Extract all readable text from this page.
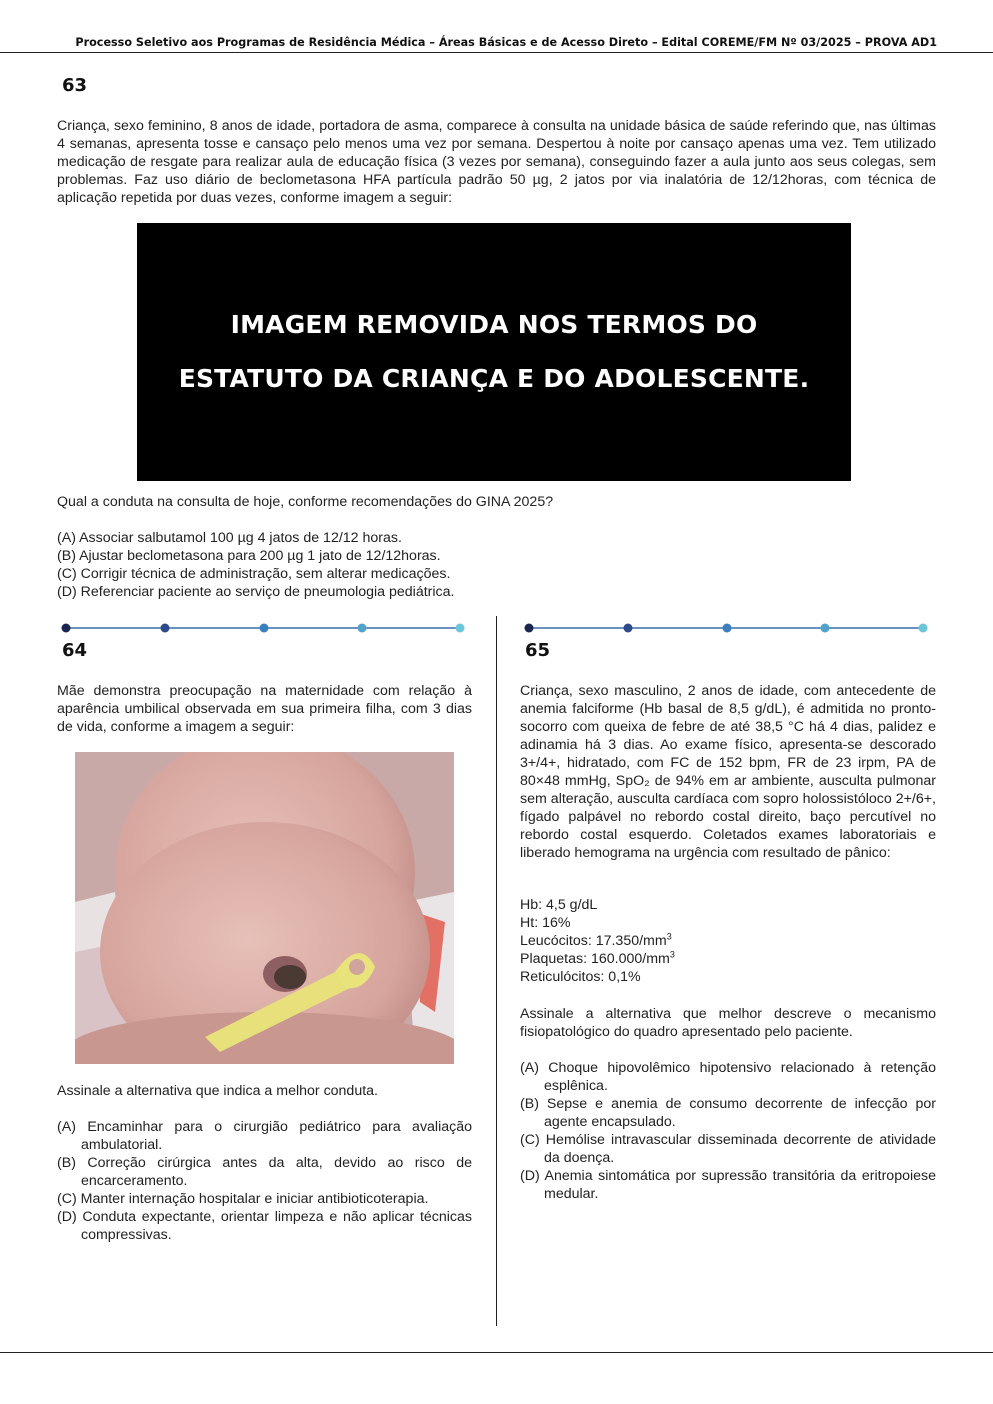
Processo Seletivo aos Programas de Residência Médica – Áreas Básicas e de Acesso Direto – Edital COREME/FM Nº 03/2025 – PROVA AD1
63

Criança, sexo feminino, 8 anos de idade, portadora de asma, comparece à consulta na unidade básica de saúde referindo que, nas últimas 4 semanas, apresenta tosse e cansaço pelo menos uma vez por semana. Despertou à noite por cansaço apenas uma vez. Tem utilizado medicação de resgate para realizar aula de educação física (3 vezes por semana), conseguindo fazer a aula junto aos seus colegas, sem problemas. Faz uso diário de beclometasona HFA partícula padrão 50 µg, 2 jatos por via inalatória de 12/12horas, com técnica de aplicação repetida por duas vezes, conforme imagem a seguir:

IMAGEM REMOVIDA NOS TERMOS DO
ESTATUTO DA CRIANÇA E DO ADOLESCENTE.

Qual a conduta na consulta de hoje, conforme recomendações do GINA 2025?

(A) Associar salbutamol 100 µg 4 jatos de 12/12 horas.

(B) Ajustar beclometasona para 200 µg 1 jato de 12/12horas.

(C) Corrigir técnica de administração, sem alterar medicações.

(D) Referenciar paciente ao serviço de pneumologia pediátrica.

64

Mãe demonstra preocupação na maternidade com relação à aparência umbilical observada em sua primeira filha, com 3 dias de vida, conforme a imagem a seguir:

Assinale a alternativa que indica a melhor conduta.

(A) Encaminhar para o cirurgião pediátrico para avaliação ambulatorial.

(B) Correção cirúrgica antes da alta, devido ao risco de encarceramento.

(C) Manter internação hospitalar e iniciar antibioticoterapia.

(D) Conduta expectante, orientar limpeza e não aplicar técnicas compressivas.

65

Criança, sexo masculino, 2 anos de idade, com antecedente de anemia falciforme (Hb basal de 8,5 g/dL), é admitida no pronto-socorro com queixa de febre de até 38,5 °C há 4 dias, palidez e adinamia há 3 dias. Ao exame físico, apresenta-se descorado 3+/4+, hidratado, com FC de 152 bpm, FR de 23 irpm, PA de 80×48 mmHg, SpO₂ de 94% em ar ambiente, ausculta pulmonar sem alteração, ausculta cardíaca com sopro holossistóloco 2+/6+, fígado palpável no rebordo costal direito, baço percutível no rebordo costal esquerdo. Coletados exames laboratoriais e liberado hemograma na urgência com resultado de pânico:

Hb: 4,5 g/dL

Ht: 16%

Leucócitos: $17.350/mm^3$

Plaquetas: $160.000/mm^3$

Reticulócitos: 0,1%

Assinale a alternativa que melhor descreve o mecanismo fisiopatológico do quadro apresentado pelo paciente.

(A) Choque hipovolêmico hipotensivo relacionado à retenção esplênica.

(B) Sepse e anemia de consumo decorrente de infecção por agente encapsulado.

(C) Hemólise intravascular disseminada decorrente de atividade da doença.

(D) Anemia sintomática por supressão transitória da eritropoiese medular.
